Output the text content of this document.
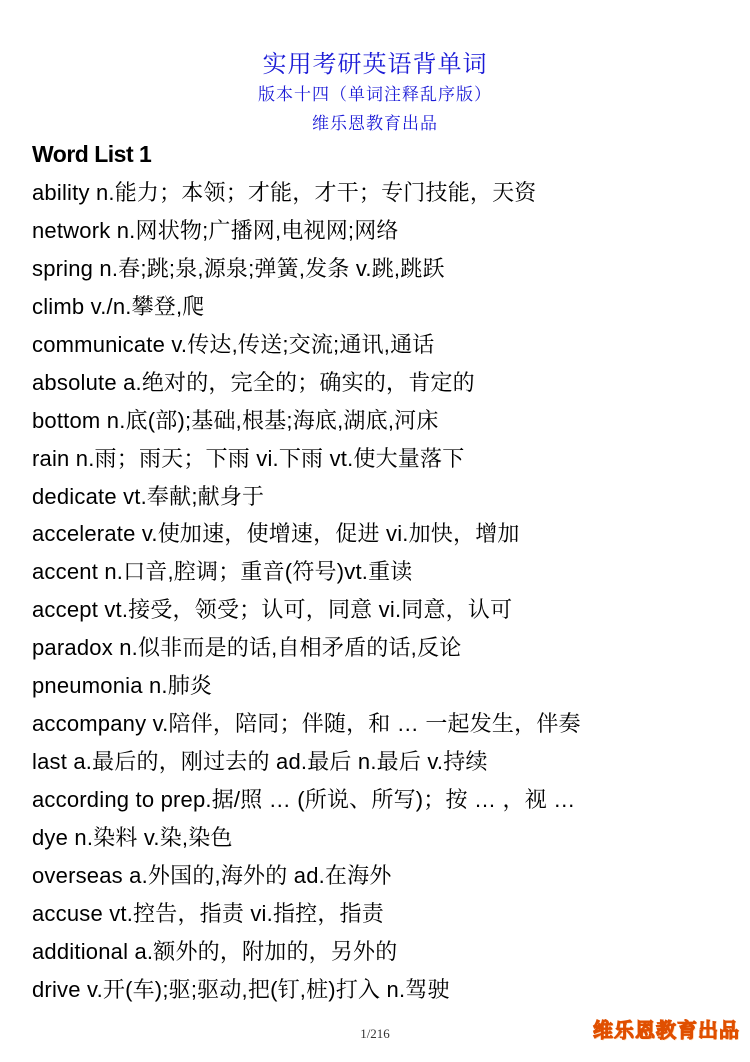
实用考研英语背单词
版本十四（单词注释乱序版）
维乐恩教育出品
Word List 1
ability n.能力；本领；才能，才干；专门技能，天资
network n.网状物;广播网,电视网;网络
spring n.春;跳;泉,源泉;弹簧,发条 v.跳,跳跃
climb v./n.攀登,爬
communicate v.传达,传送;交流;通讯,通话
absolute a.绝对的，完全的；确实的，肯定的
bottom n.底(部);基础,根基;海底,湖底,河床
rain n.雨；雨天；下雨 vi.下雨 vt.使大量落下
dedicate vt.奉献;献身于
accelerate v.使加速，使增速，促进 vi.加快，增加
accent n.口音,腔调；重音(符号)vt.重读
accept vt.接受，领受；认可，同意 vi.同意，认可
paradox n.似非而是的话,自相矛盾的话,反论
pneumonia n.肺炎
accompany v.陪伴，陪同；伴随，和 … 一起发生，伴奏
last a.最后的，刚过去的 ad.最后 n.最后 v.持续
according to prep.据/照 … (所说、所写)；按 … ，视 …
dye n.染料 v.染,染色
overseas a.外国的,海外的 ad.在海外
accuse vt.控告，指责 vi.指控，指责
additional a.额外的，附加的，另外的
drive v.开(车);驱;驱动,把(钉,桩)打入 n.驾驶
1/216	维乐恩教育出品
